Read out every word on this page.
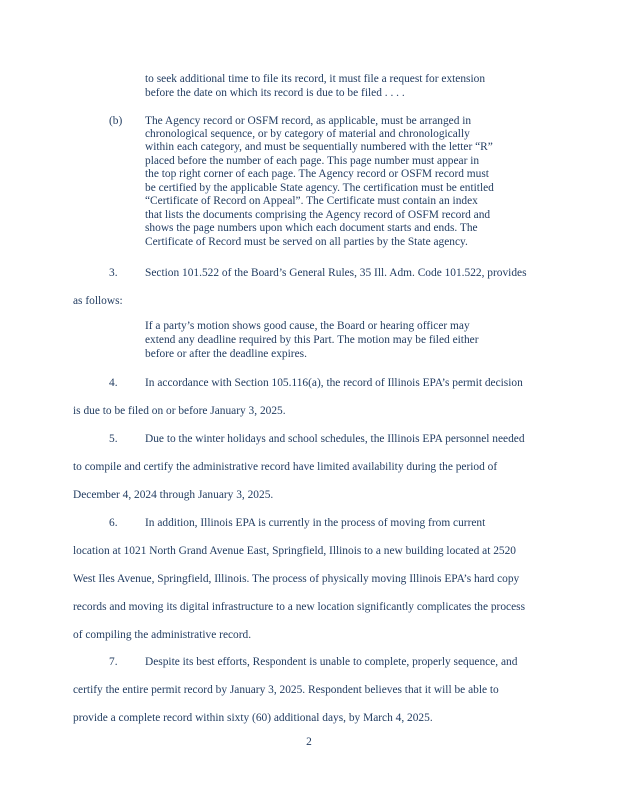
to seek additional time to file its record, it must file a request for extension
before the date on which its record is due to be filed . . . .
(b) The Agency record or OSFM record, as applicable, must be arranged in
chronological sequence, or by category of material and chronologically
within each category, and must be sequentially numbered with the letter “R”
placed before the number of each page. This page number must appear in
the top right corner of each page. The Agency record or OSFM record must
be certified by the applicable State agency. The certification must be entitled
“Certificate of Record on Appeal”. The Certificate must contain an index
that lists the documents comprising the Agency record of OSFM record and
shows the page numbers upon which each document starts and ends. The
Certificate of Record must be served on all parties by the State agency.
3. Section 101.522 of the Board’s General Rules, 35 Ill. Adm. Code 101.522, provides
as follows:
If a party’s motion shows good cause, the Board or hearing officer may
extend any deadline required by this Part. The motion may be filed either
before or after the deadline expires.
4. In accordance with Section 105.116(a), the record of Illinois EPA’s permit decision
is due to be filed on or before January 3, 2025.
5. Due to the winter holidays and school schedules, the Illinois EPA personnel needed
to compile and certify the administrative record have limited availability during the period of
December 4, 2024 through January 3, 2025.
6. In addition, Illinois EPA is currently in the process of moving from current
location at 1021 North Grand Avenue East, Springfield, Illinois to a new building located at 2520
West Iles Avenue, Springfield, Illinois. The process of physically moving Illinois EPA’s hard copy
records and moving its digital infrastructure to a new location significantly complicates the process
of compiling the administrative record.
7. Despite its best efforts, Respondent is unable to complete, properly sequence, and
certify the entire permit record by January 3, 2025. Respondent believes that it will be able to
provide a complete record within sixty (60) additional days, by March 4, 2025.
2
